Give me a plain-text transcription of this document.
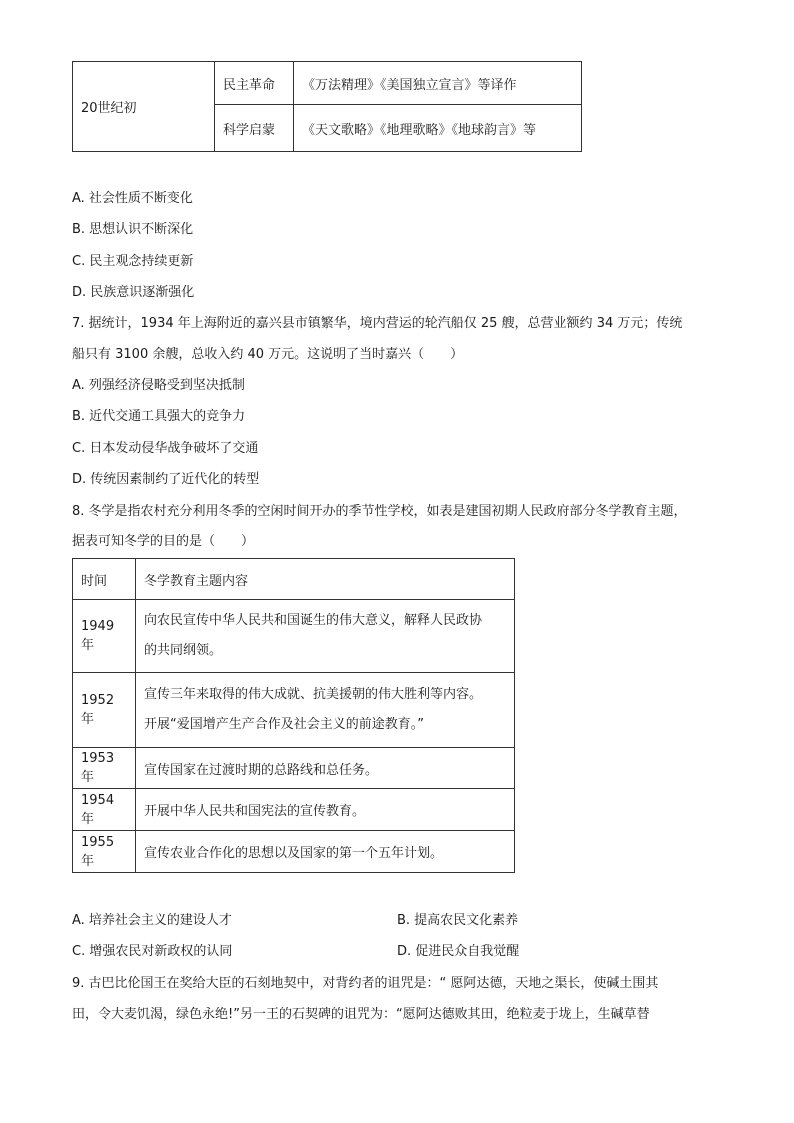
20世纪初	民主革命	《万法精理》《美国独立宣言》等译作
	科学启蒙	《天文歌略》《地理歌略》《地球韵言》等
A. 社会性质不断变化
B. 思想认识不断深化
C. 民主观念持续更新
D. 民族意识逐渐强化
7. 据统计，1934 年上海附近的嘉兴县市镇繁华，境内营运的轮汽船仅 25 艘，总营业额约 34 万元；传统
船只有 3100 余艘，总收入约 40 万元。这说明了当时嘉兴（　　）
A. 列强经济侵略受到坚决抵制
B. 近代交通工具强大的竞争力
C. 日本发动侵华战争破坏了交通
D. 传统因素制约了近代化的转型
8. 冬学是指农村充分利用冬季的空闲时间开办的季节性学校，如表是建国初期人民政府部分冬学教育主题，
据表可知冬学的目的是（　　）
时间	冬学教育主题内容
1949 年	向农民宣传中华人民共和国诞生的伟大意义，解释人民政协
的共同纲领。

1952 年	宣传三年来取得的伟大成就、抗美援朝的伟大胜利等内容。
开展“爱国增产生产合作及社会主义的前途教育。”

1953 年	宣传国家在过渡时期的总路线和总任务。
1954 年	开展中华人民共和国宪法的宣传教育。
1955 年	宣传农业合作化的思想以及国家的第一个五年计划。
A. 培养社会主义的建设人才	B. 提高农民文化素养
C. 增强农民对新政权的认同	D. 促进民众自我觉醒
9. 古巴比伦国王在奖给大臣的石刻地契中，对背约者的诅咒是：“ 愿阿达德，天地之渠长，使碱土围其
田，令大麦饥渴，绿色永绝!”另一王的石契碑的诅咒为：“愿阿达德败其田，绝粒麦于垅上，生碱草替
